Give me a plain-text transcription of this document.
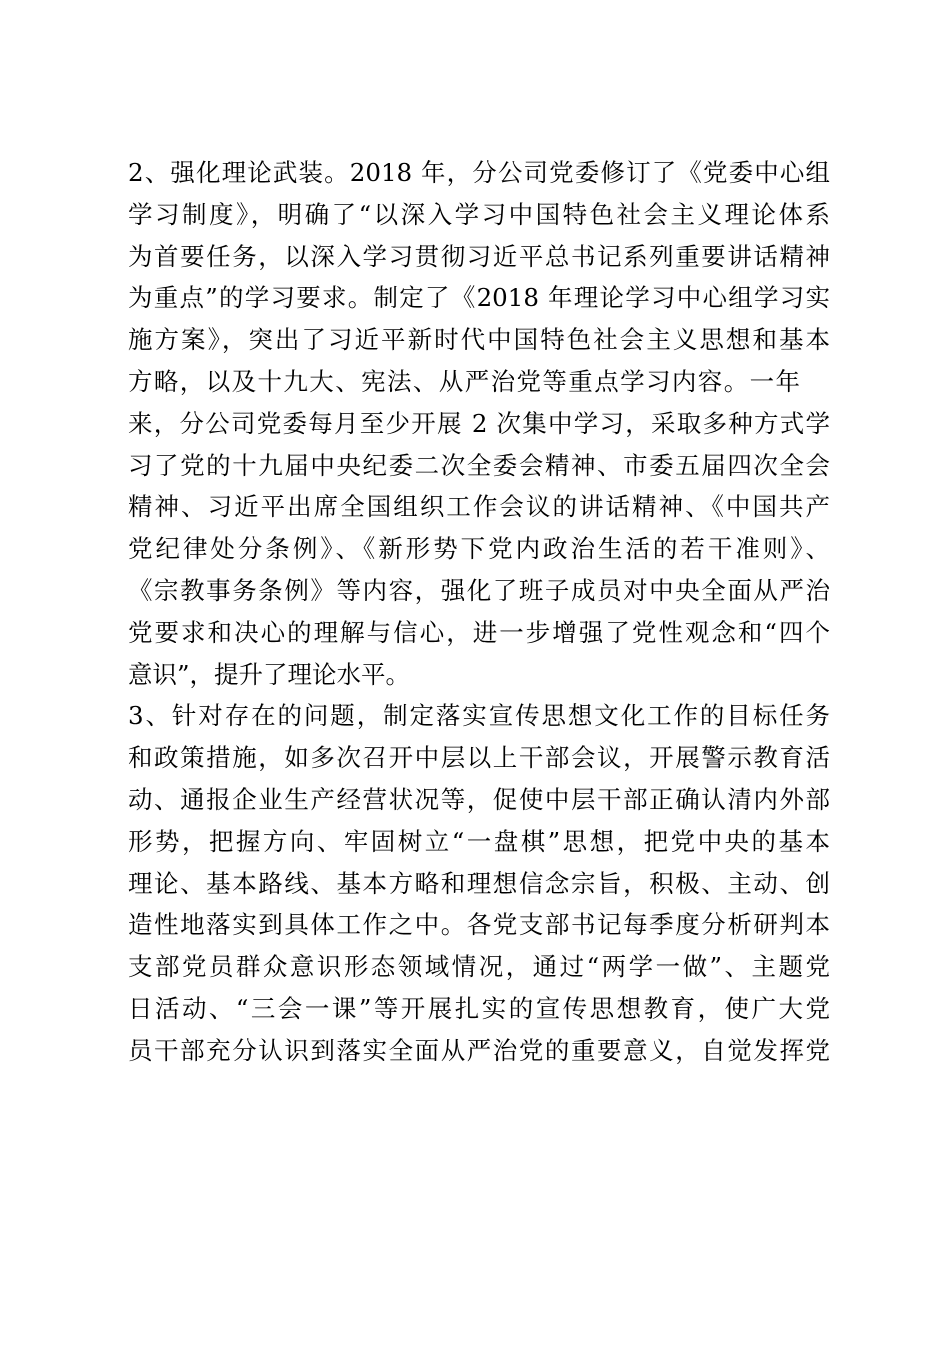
2、强化理论武装。2018 年，分公司党委修订了《党委中心组
学习制度》，明确了“以深入学习中国特色社会主义理论体系
为首要任务，以深入学习贯彻习近平总书记系列重要讲话精神
为重点”的学习要求。制定了《2018 年理论学习中心组学习实
施方案》，突出了习近平新时代中国特色社会主义思想和基本
方略，以及十九大、宪法、从严治党等重点学习内容。一年
来，分公司党委每月至少开展 2 次集中学习，采取多种方式学
习了党的十九届中央纪委二次全委会精神、市委五届四次全会
精神、习近平出席全国组织工作会议的讲话精神、《中国共产
党纪律处分条例》、《新形势下党内政治生活的若干准则》、
《宗教事务条例》等内容，强化了班子成员对中央全面从严治
党要求和决心的理解与信心，进一步增强了党性观念和“四个
意识”，提升了理论水平。
3、针对存在的问题，制定落实宣传思想文化工作的目标任务
和政策措施，如多次召开中层以上干部会议，开展警示教育活
动、通报企业生产经营状况等，促使中层干部正确认清内外部
形势，把握方向、牢固树立“一盘棋”思想，把党中央的基本
理论、基本路线、基本方略和理想信念宗旨，积极、主动、创
造性地落实到具体工作之中。各党支部书记每季度分析研判本
支部党员群众意识形态领域情况，通过“两学一做”、主题党
日活动、“三会一课”等开展扎实的宣传思想教育，使广大党
员干部充分认识到落实全面从严治党的重要意义，自觉发挥党
